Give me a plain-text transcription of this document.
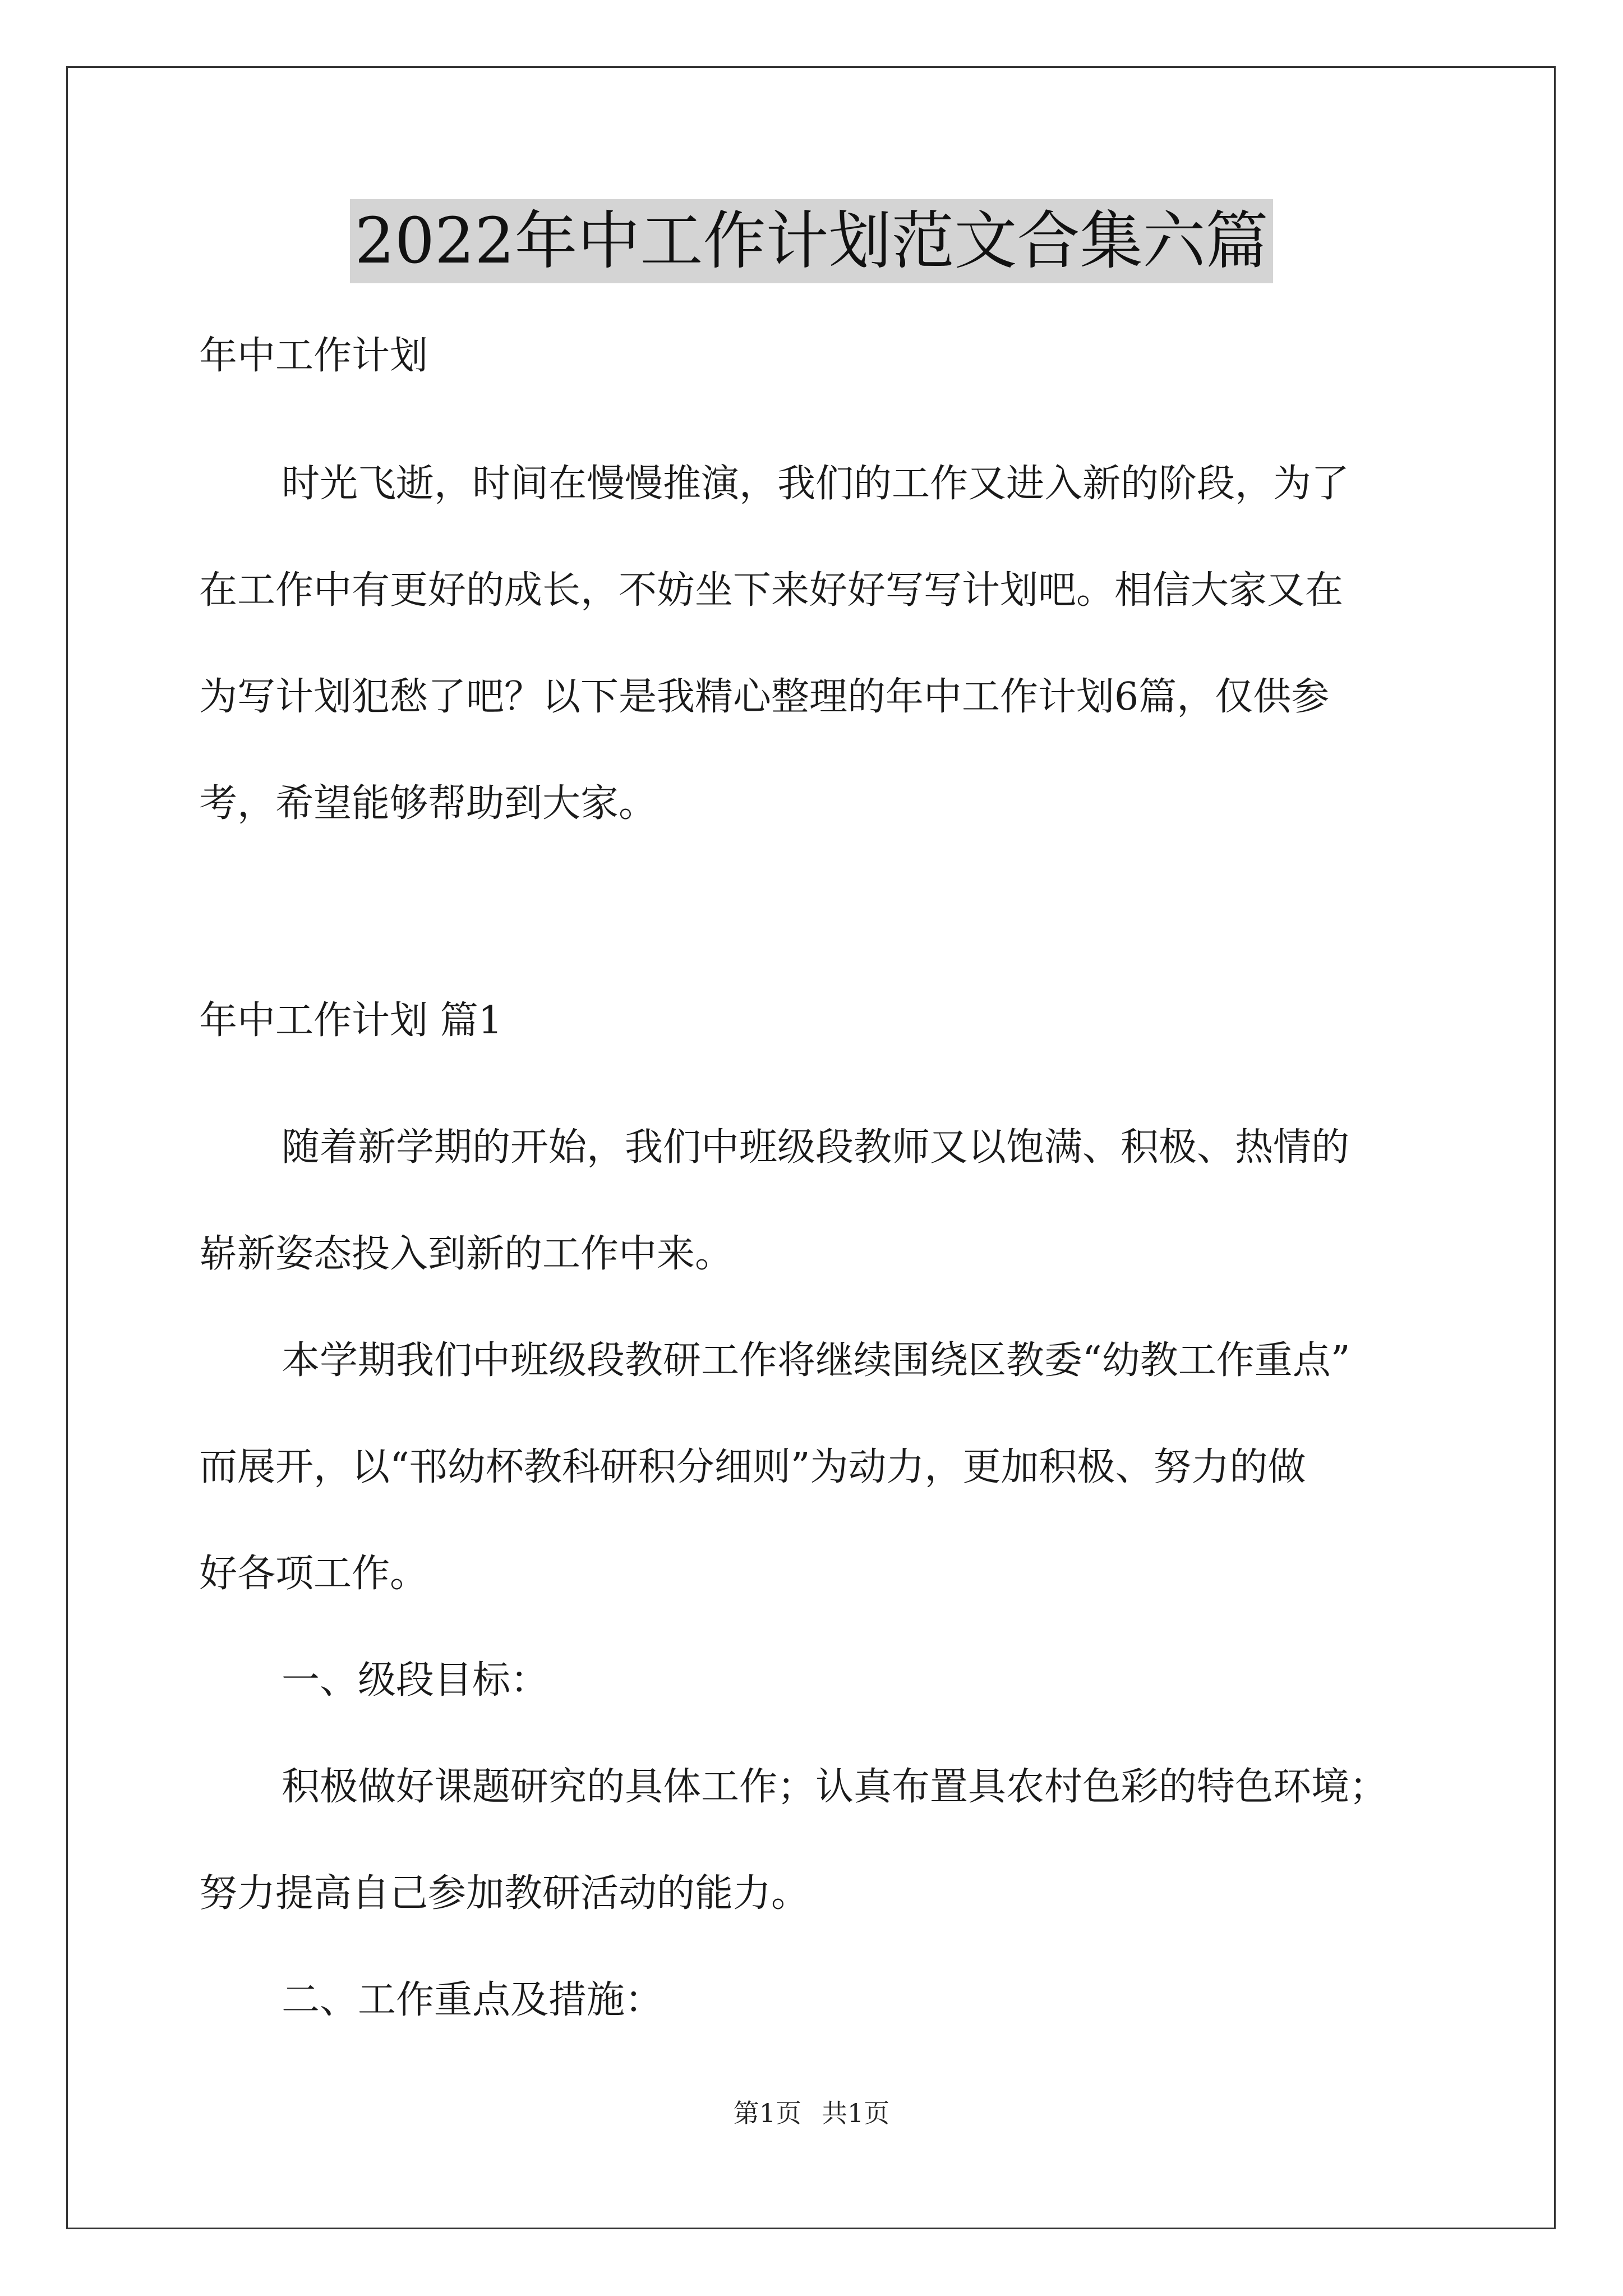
2022年中工作计划范文合集六篇
年中工作计划
时光飞逝，时间在慢慢推演，我们的工作又进入新的阶段，为了
在工作中有更好的成长，不妨坐下来好好写写计划吧。相信大家又在
为写计划犯愁了吧？以下是我精心整理的年中工作计划6篇，仅供参
考，希望能够帮助到大家。
年中工作计划 篇1
随着新学期的开始，我们中班级段教师又以饱满、积极、热情的
崭新姿态投入到新的工作中来。
本学期我们中班级段教研工作将继续围绕区教委“幼教工作重点”
而展开，以“邗幼杯教科研积分细则”为动力，更加积极、努力的做
好各项工作。
一、级段目标：
积极做好课题研究的具体工作；认真布置具农村色彩的特色环境；
努力提高自己参加教研活动的能力。
二、工作重点及措施：
第1页 共1页
